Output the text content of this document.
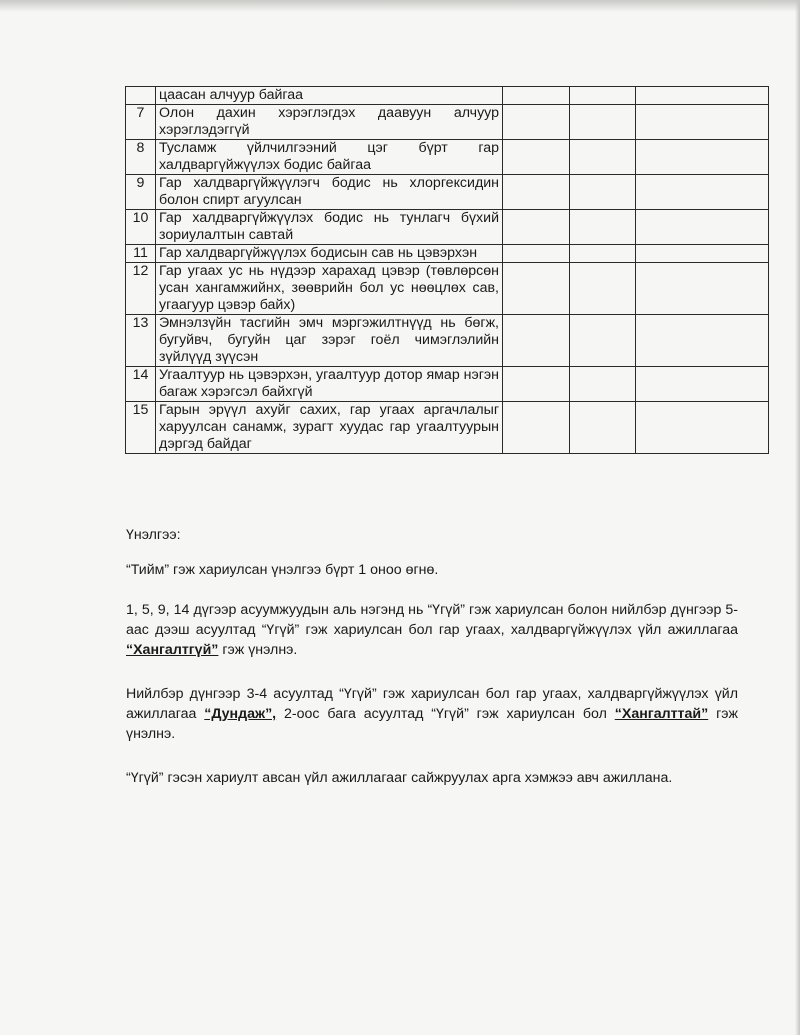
	цаасан алчуур байгаа			
7	Олон дахин хэрэглэгдэх даавуун алчуур хэрэглэдэггүй			
8	Тусламж үйлчилгээний цэг бүрт гар халдваргүйжүүлэх бодис байгаа			
9	Гар халдваргүйжүүлэгч бодис нь хлоргексидин болон спирт агуулсан			
10	Гар халдваргүйжүүлэх бодис нь тунлагч бүхий зориулалтын савтай			
11	Гар халдваргүйжүүлэх бодисын сав нь цэвэрхэн			
12	Гар угаах ус нь нүдээр харахад цэвэр (төвлөрсөн усан хангамжийнх, зөөврийн бол ус нөөцлөх сав, угаагуур цэвэр байх)			
13	Эмнэлзүйн тасгийн эмч мэргэжилтнүүд нь бөгж, бугуйвч, бугуйн цаг зэрэг гоёл чимэглэлийн зүйлүүд зүүсэн			
14	Угаалтуур нь цэвэрхэн, угаалтуур дотор ямар нэгэн багаж хэрэгсэл байхгүй			
15	Гарын эрүүл ахуйг сахих, гар угаах аргачлалыг харуулсан санамж, зурагт хуудас гар угаалтуурын дэргэд байдаг			
Үнэлгээ:
“Тийм” гэж хариулсан үнэлгээ бүрт 1 оноо өгнө.
1, 5, 9, 14 дүгээр асуумжуудын аль нэгэнд нь “Үгүй” гэж хариулсан болон нийлбэр дүнгээр 5-аас дээш асуултад “Үгүй” гэж хариулсан бол гар угаах, халдваргүйжүүлэх үйл ажиллагаа “Хангалтгүй” гэж үнэлнэ.
Нийлбэр дүнгээр 3-4 асуултад “Үгүй” гэж хариулсан бол гар угаах, халдваргүйжүүлэх үйл ажиллагаа “Дундаж”, 2-оос бага асуултад “Үгүй” гэж хариулсан бол “Хангалттай” гэж үнэлнэ.
“Үгүй” гэсэн хариулт авсан үйл ажиллагааг сайжруулах арга хэмжээ авч ажиллана.
